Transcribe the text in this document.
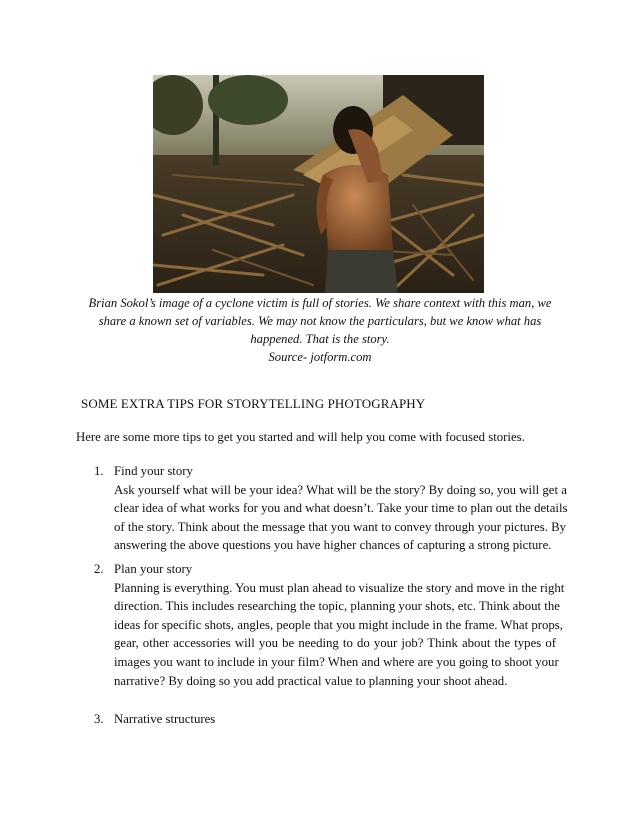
Brian Sokol’s image of a cyclone victim is full of stories. We share context with this man, we
share a known set of variables. We may not know the particulars, but we know what has
happened. That is the story.
Source- jotform.com
SOME EXTRA TIPS FOR STORYTELLING PHOTOGRAPHY
Here are some more tips to get you started and will help you come with focused stories.
1. Find your story
Ask yourself what will be your idea? What will be the story? By doing so, you will get a
clear idea of what works for you and what doesn’t. Take your time to plan out the details
of the story. Think about the message that you want to convey through your pictures. By
answering the above questions you have higher chances of capturing a strong picture.
2. Plan your story
Planning is everything. You must plan ahead to visualize the story and move in the right
direction. This includes researching the topic, planning your shots, etc. Think about the
ideas for specific shots, angles, people that you might include in the frame. What props,
gear, other accessories will you be needing to do your job? Think about the types of
images you want to include in your film? When and where are you going to shoot your
narrative? By doing so you add practical value to planning your shoot ahead.
3. Narrative structures
